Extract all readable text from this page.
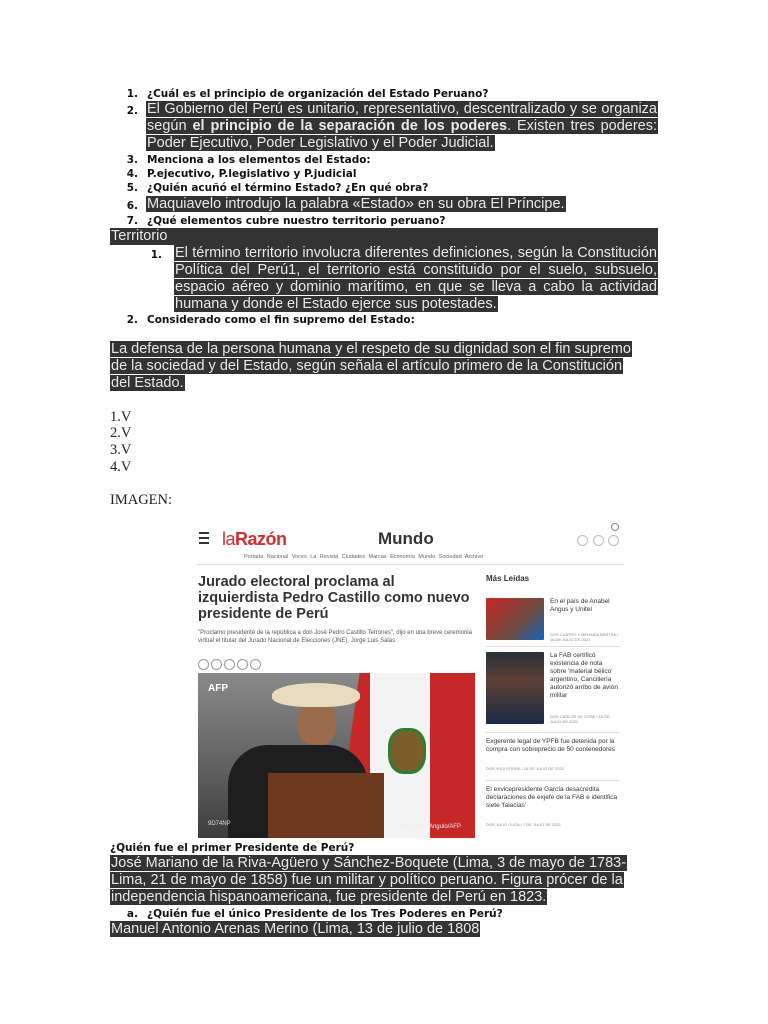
1. ¿Cuál es el principio de organización del Estado Peruano?
2. El Gobierno del Perú es unitario, representativo, descentralizado y se organiza según el principio de la separación de los poderes. Existen tres poderes: Poder Ejecutivo, Poder Legislativo y el Poder Judicial.
3. Menciona a los elementos del Estado:
4. P.ejecutivo, P.legislativo y P.judicial
5. ¿Quién acuñó el término Estado? ¿En qué obra?
6. Maquiavelo introdujo la palabra «Estado» en su obra El Príncipe.
7. ¿Qué elementos cubre nuestro territorio peruano?
Territorio
1. El término territorio involucra diferentes definiciones, según la Constitución Política del Perú1, el territorio está constituido por el suelo, subsuelo, espacio aéreo y dominio marítimo, en que se lleva a cabo la actividad humana y donde el Estado ejerce sus potestades.
2. Considerado como el fin supremo del Estado:
La defensa de la persona humana y el respeto de su dignidad son el fin supremo de la sociedad y del Estado, según señala el artículo primero de la Constitución del Estado.
1.V
2.V
3.V
4.V
IMAGEN:
laRazón	Mundo
Portada Nacional Voces La Revista Ciudades Marcas Economía Mundo Sociedad Archivo
Jurado electoral proclama al izquierdista Pedro Castillo como nuevo presidente de Perú
"Proclamo presidente de la república a don José Pedro Castillo Terrones", dijo en una breve ceremonia virtual el titular del Jurado Nacional de Elecciones (JNE), Jorge Luis Salas
AFP
9D74NP	José Carlos Angulo/AFP
Más Leídas
En el país de Anabel Angus y Unitel
DOS CUATRO 4 MIRANDA BERTRA / 16 DE JULIO DE 2021
La FAB certificó existencia de nota sobre 'material bélico' argentino, Cancillería autorizó arribo de avión militar
DOS CARLOS DE COSE / 16 DE JULIO DE 2021
Exgerente legal de YPFB fue detenida por la compra con sobreprecio de 50 contenedores
DOS YUDI PODRA / 16 DE JULIO DE 2021
El exvicepresidente García desacredita declaraciones de exjefe de la FAB e identifica siete 'falacias'
DOS JULIO CUOA / 7 DE JULIO DE 2021
¿Quién fue el primer Presidente de Perú?
José Mariano de la Riva-Agüero y Sánchez-Boquete (Lima, 3 de mayo de 1783-Lima, 21 de mayo de 1858) fue un militar y político peruano. Figura prócer de la independencia hispanoamericana, fue presidente del Perú en 1823.
a. ¿Quién fue el único Presidente de los Tres Poderes en Perú?
Manuel Antonio Arenas Merino (Lima, 13 de julio de 1808
